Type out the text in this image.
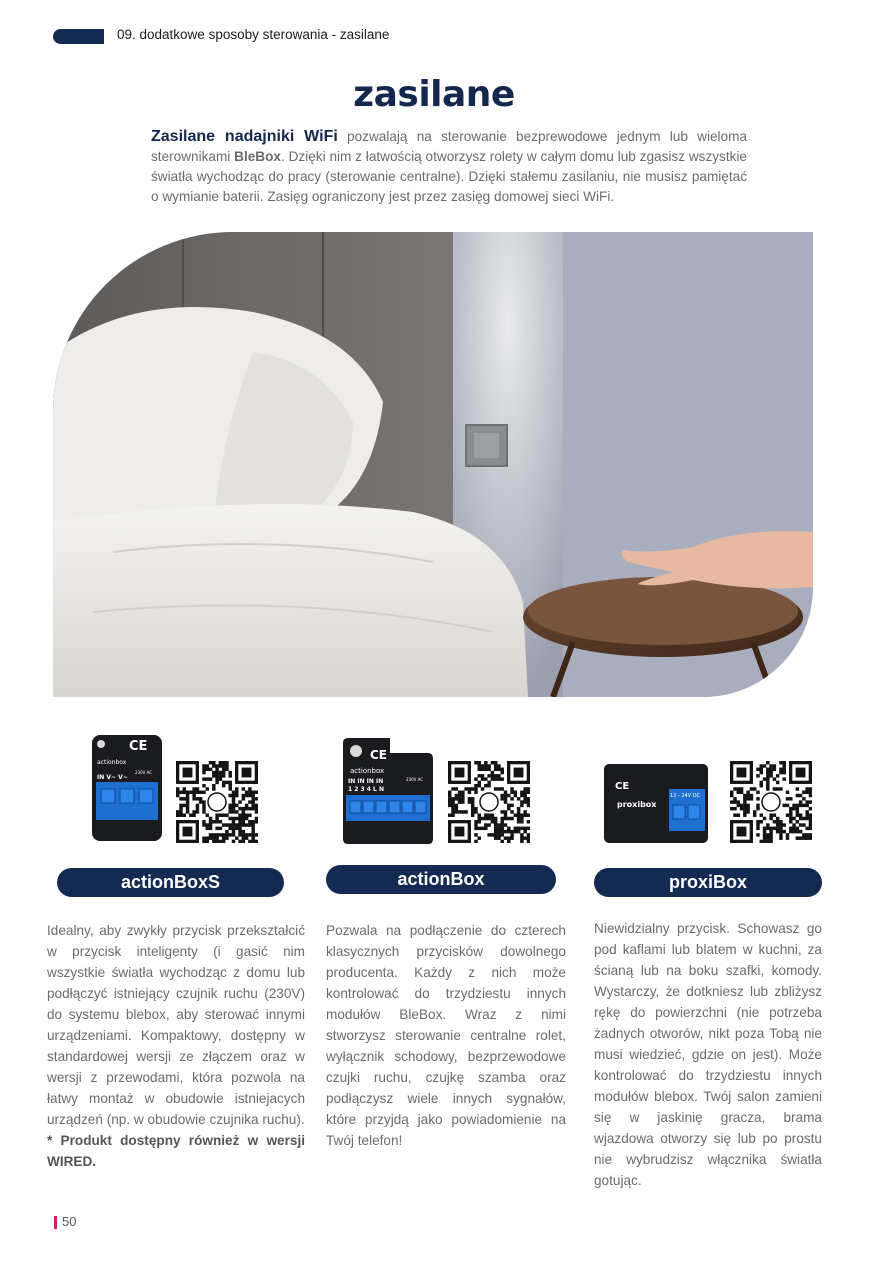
09. dodatkowe sposoby sterowania - zasilane
zasilane

Zasilane nadajniki WiFi pozwalają na sterowanie bezprewodowe jednym lub wieloma sterownikami BleBox. Dzięki nim z łatwością otworzysz rolety w całym domu lub zgasisz wszystkie światła wychodząc do pracy (sterowanie centralne). Dzięki stałemu zasilaniu, nie musisz pamiętać o wymianie baterii. Zasięg ograniczony jest przez zasięg domowej sieci WiFi.

CE
actionbox
230V AC
IN V~ V~
CE
actionbox
230V AC
IN IN IN IN
1 2 3 4 L N	CE
proxibox
12 - 24V DC
actionBoxS	actionBox	proxiBox

Idealny, aby zwykły przycisk przekształcić w przycisk inteligenty (i gasić nim wszystkie światła wychodząc z domu lub podłączyć istniejący czujnik ruchu (230V) do systemu blebox, aby sterować innymi urządzeniami. Kompaktowy, dostępny w standardowej wersji ze złączem oraz w wersji z przewodami, która pozwola na łatwy montaż w obudowie istniejacych urządzeń (np. w obudowie czujnika ruchu).

* Produkt dostępny również w wersji WIRED.

Pozwala na podłączenie do czterech klasycznych przycisków dowolnego producenta. Każdy z nich może kontrolować do trzydziestu innych modułów BleBox. Wraz z nimi stworzysz sterowanie centralne rolet, wyłącznik schodowy, bezprzewodowe czujki ruchu, czujkę szamba oraz podłączysz wiele innych sygnałów, które przyjdą jako powiadomienie na Twój telefon!

Niewidzialny przycisk. Schowasz go pod kaflami lub blatem w kuchni, za ścianą lub na boku szafki, komody. Wystarczy, że dotkniesz lub zbliżysz rękę do powierzchni (nie potrzeba żadnych otworów, nikt poza Tobą nie musi wiedzieć, gdzie on jest). Może kontrolować do trzydziestu innych modułów blebox. Twój salon zamieni się w jaskinię gracza, brama wjazdowa otworzy się lub po prostu nie wybrudzisz włącznika światła gotując.

50
